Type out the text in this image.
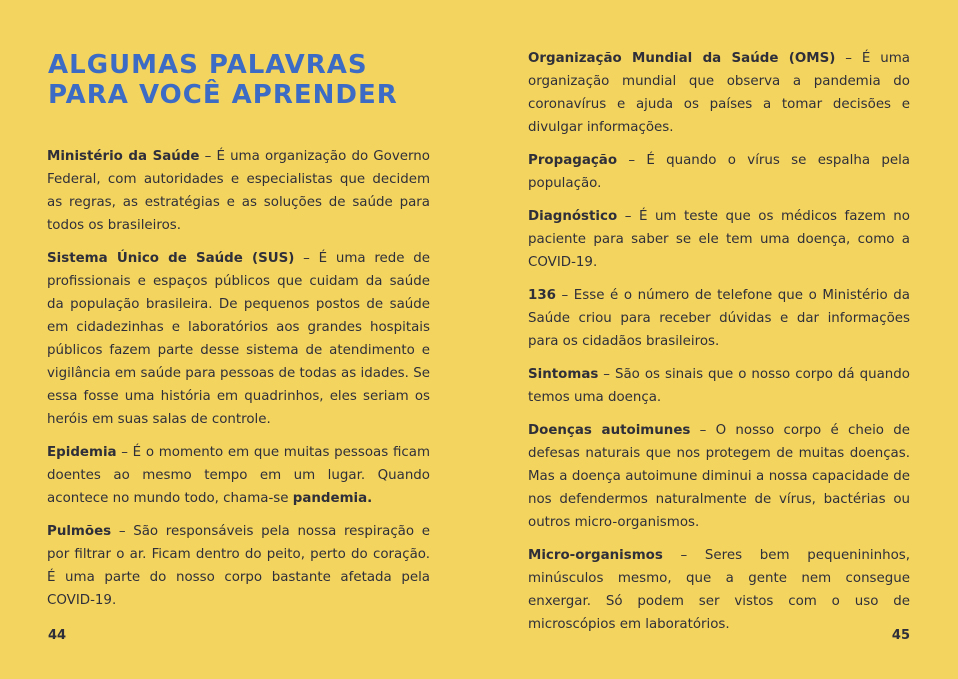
ALGUMAS PALAVRAS
PARA VOCÊ APRENDER

Ministério da Saúde – É uma organização do Governo Federal, com autoridades e especialistas que decidem as regras, as estratégias e as soluções de saúde para todos os brasileiros.

Sistema Único de Saúde (SUS) – É uma rede de profissionais e espaços públicos que cuidam da saúde da população brasileira. De pequenos postos de saúde em cidadezinhas e laboratórios aos grandes hospitais públicos fazem parte desse sistema de atendimento e vigilância em saúde para pessoas de todas as idades. Se essa fosse uma história em quadrinhos, eles seriam os heróis em suas salas de controle.

Epidemia – É o momento em que muitas pessoas ficam doentes ao mesmo tempo em um lugar. Quando acontece no mundo todo, chama-se pandemia.

Pulmões – São responsáveis pela nossa respiração e por filtrar o ar. Ficam dentro do peito, perto do coração. É uma parte do nosso corpo bastante afetada pela COVID-19.

44

Organização Mundial da Saúde (OMS) – É uma organização mundial que observa a pandemia do coronavírus e ajuda os países a tomar decisões e divulgar informações.

Propagação – É quando o vírus se espalha pela população.

Diagnóstico – É um teste que os médicos fazem no paciente para saber se ele tem uma doença, como a COVID-19.

136 – Esse é o número de telefone que o Ministério da Saúde criou para receber dúvidas e dar informações para os cidadãos brasileiros.

Sintomas – São os sinais que o nosso corpo dá quando temos uma doença.

Doenças autoimunes – O nosso corpo é cheio de defesas naturais que nos protegem de muitas doenças. Mas a doença autoimune diminui a nossa capacidade de nos defendermos naturalmente de vírus, bactérias ou outros micro-organismos.

Micro-organismos – Seres bem pequenininhos, minúsculos mesmo, que a gente nem consegue enxergar. Só podem ser vistos com o uso de microscópios em laboratórios.

45
